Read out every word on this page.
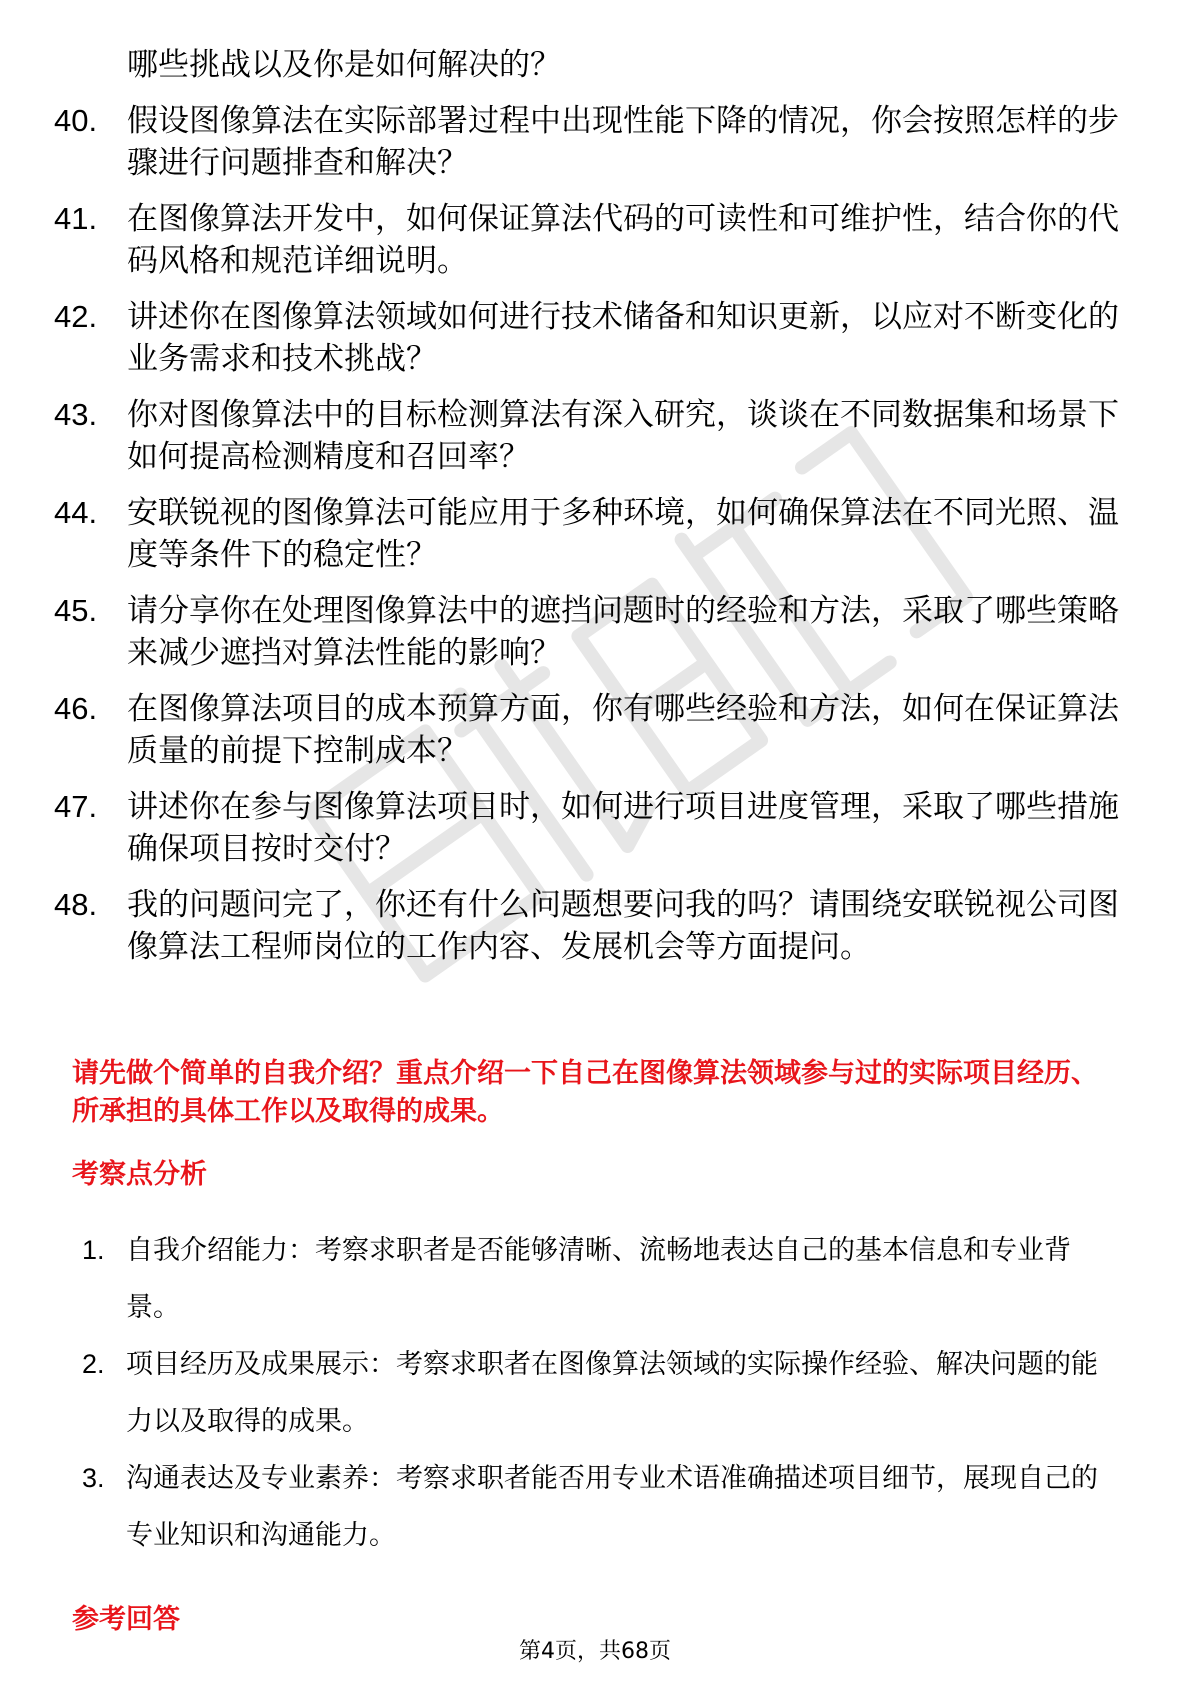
哪些挑战以及你是如何解决的？
40. 假设图像算法在实际部署过程中出现性能下降的情况，你会按照怎样的步骤进行问题排查和解决？
41. 在图像算法开发中，如何保证算法代码的可读性和可维护性，结合你的代码风格和规范详细说明。
42. 讲述你在图像算法领域如何进行技术储备和知识更新，以应对不断变化的业务需求和技术挑战？
43. 你对图像算法中的目标检测算法有深入研究，谈谈在不同数据集和场景下如何提高检测精度和召回率？
44. 安联锐视的图像算法可能应用于多种环境，如何确保算法在不同光照、温度等条件下的稳定性？
45. 请分享你在处理图像算法中的遮挡问题时的经验和方法，采取了哪些策略来减少遮挡对算法性能的影响？
46. 在图像算法项目的成本预算方面，你有哪些经验和方法，如何在保证算法质量的前提下控制成本？
47. 讲述你在参与图像算法项目时，如何进行项目进度管理，采取了哪些措施确保项目按时交付？
48. 我的问题问完了，你还有什么问题想要问我的吗？请围绕安联锐视公司图像算法工程师岗位的工作内容、发展机会等方面提问。
请先做个简单的自我介绍？重点介绍一下自己在图像算法领域参与过的实际项目经历、所承担的具体工作以及取得的成果。
考察点分析
1. 自我介绍能力：考察求职者是否能够清晰、流畅地表达自己的基本信息和专业背景。
2. 项目经历及成果展示：考察求职者在图像算法领域的实际操作经验、解决问题的能力以及取得的成果。
3. 沟通表达及专业素养：考察求职者能否用专业术语准确描述项目细节，展现自己的专业知识和沟通能力。
参考回答
第4页，共68页
